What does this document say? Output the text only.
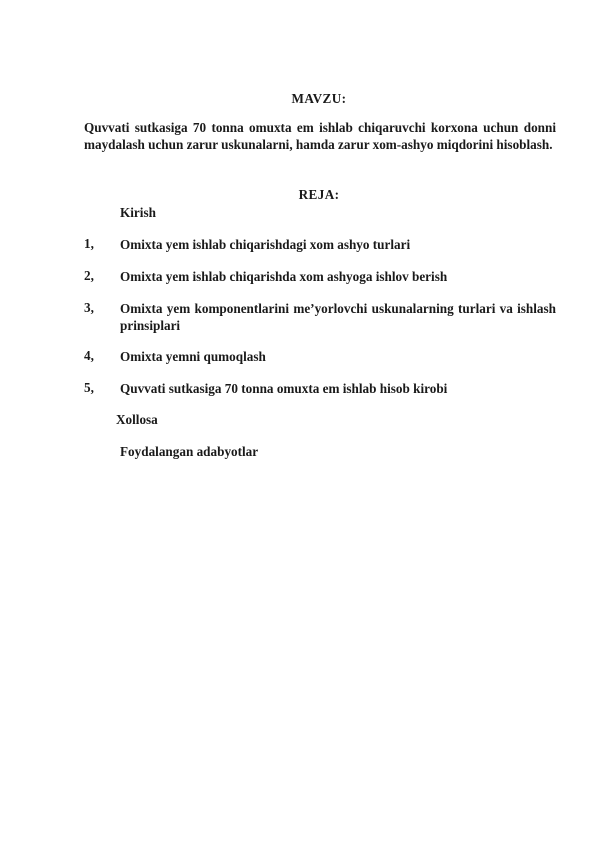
MAVZU:
Quvvati sutkasiga 70 tonna omuxta em ishlab chiqaruvchi korxona uchun donni maydalash uchun zarur uskunalarni, hamda zarur xom-ashyo miqdorini hisoblash.
REJA:
Kirish
1, Omixta yem ishlab chiqarishdagi xom ashyo turlari
2, Omixta yem ishlab chiqarishda xom ashyoga ishlov berish
3, Omixta yem komponentlarini me’yorlovchi uskunalarning turlari va ishlash prinsiplari
4, Omixta yemni qumoqlash
5, Quvvati sutkasiga 70 tonna omuxta em ishlab hisob kirobi
Xollosa
Foydalangan adabyotlar
